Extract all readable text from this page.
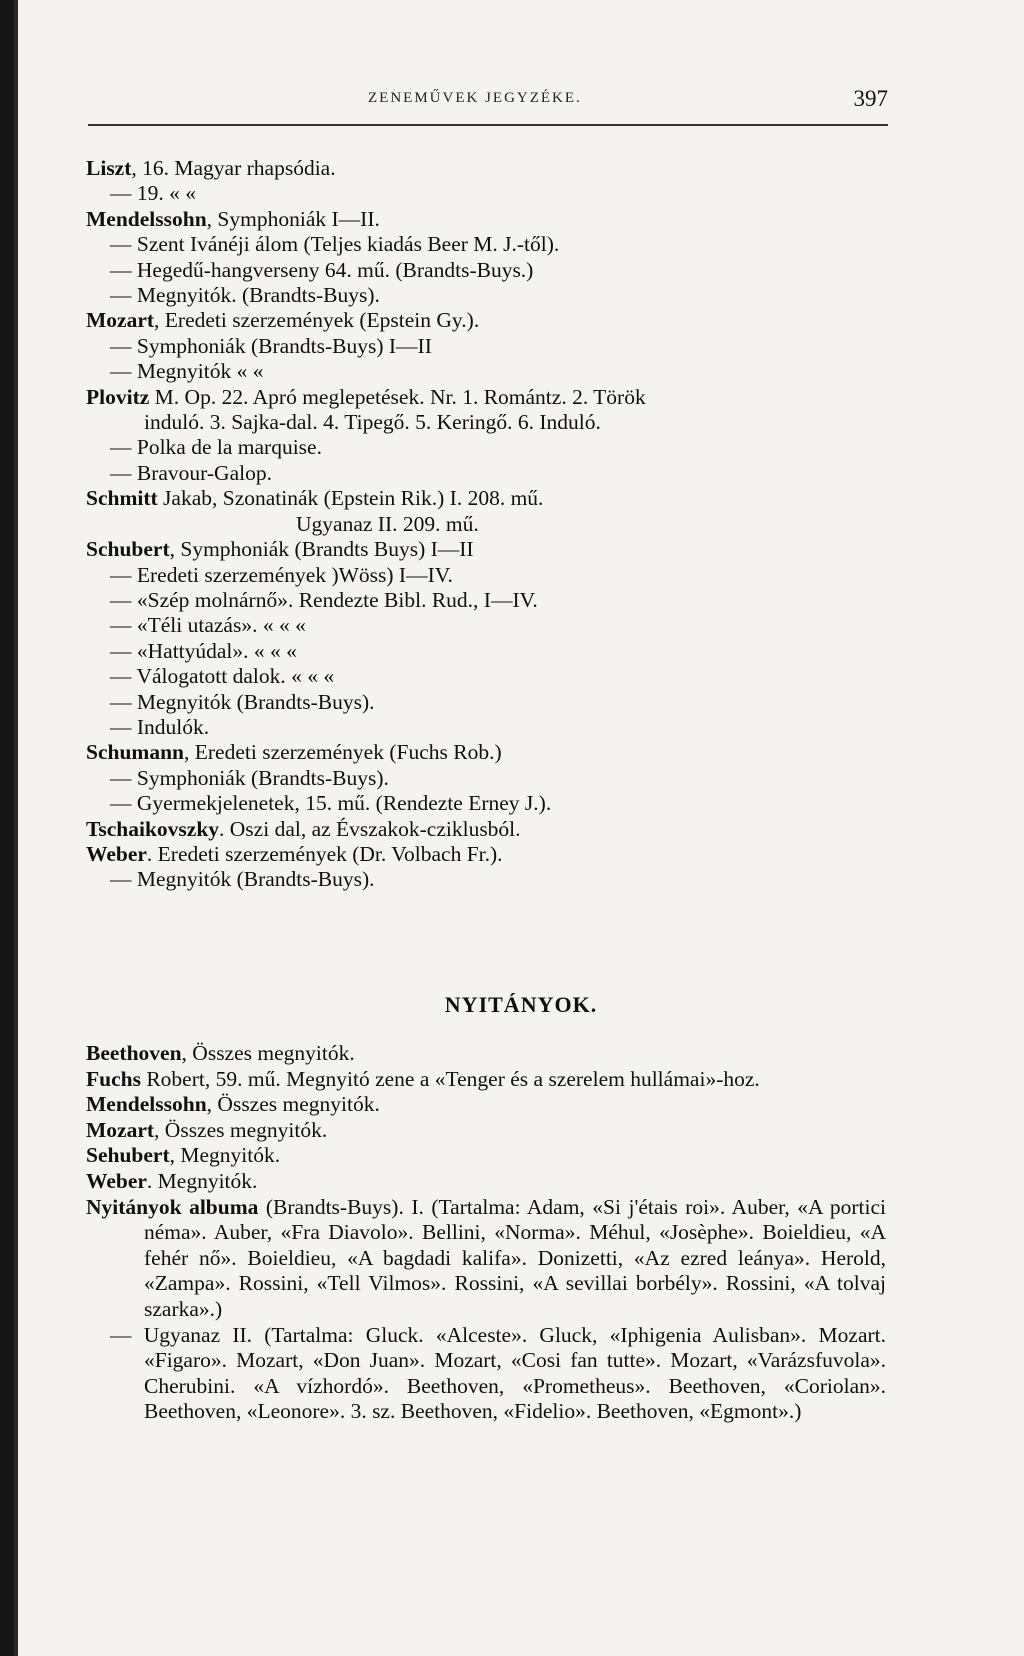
ZENEMŰVEK JEGYZÉKE.	397
Liszt, 16. Magyar rhapsódia.
— 19. « «
Mendelssohn, Symphoniák I—II.
— Szent Ivánéji álom (Teljes kiadás Beer M. J.-től).
— Hegedű-hangverseny 64. mű. (Brandts-Buys.)
— Megnyitók. (Brandts-Buys).
Mozart, Eredeti szerzemények (Epstein Gy.).
— Symphoniák (Brandts-Buys) I—II
— Megnyitók « «
Plovitz M. Op. 22. Apró meglepetések. Nr. 1. Romántz. 2. Török
induló. 3. Sajka-dal. 4. Tipegő. 5. Keringő. 6. Induló.
— Polka de la marquise.
— Bravour-Galop.
Schmitt Jakab, Szonatinák (Epstein Rik.) I. 208. mű.
Ugyanaz II. 209. mű.
Schubert, Symphoniák (Brandts Buys) I—II
— Eredeti szerzemények )Wöss) I—IV.
— «Szép molnárnő». Rendezte Bibl. Rud., I—IV.
— «Téli utazás». « « «
— «Hattyúdal». « « «
— Válogatott dalok. « « «
— Megnyitók (Brandts-Buys).
— Indulók.
Schumann, Eredeti szerzemények (Fuchs Rob.)
— Symphoniák (Brandts-Buys).
— Gyermekjelenetek, 15. mű. (Rendezte Erney J.).
Tschaikovszky. Oszi dal, az Évszakok-cziklusból.
Weber. Eredeti szerzemények (Dr. Volbach Fr.).
— Megnyitók (Brandts-Buys).
NYITÁNYOK.
Beethoven, Összes megnyitók.
Fuchs Robert, 59. mű. Megnyitó zene a «Tenger és a szerelem hullámai»-hoz.
Mendelssohn, Összes megnyitók.
Mozart, Összes megnyitók.
Sehubert, Megnyitók.
Weber. Megnyitók.
Nyitányok albuma (Brandts-Buys). I. (Tartalma: Adam, «Si j'étais roi». Auber, «A portici néma». Auber, «Fra Diavolo». Bellini, «Norma». Méhul, «Josèphe». Boieldieu, «A fehér nő». Boieldieu, «A bagdadi kalifa». Donizetti, «Az ezred leánya». Herold, «Zampa». Rossini, «Tell Vilmos». Rossini, «A sevillai borbély». Rossini, «A tolvaj szarka».)
— Ugyanaz II. (Tartalma: Gluck. «Alceste». Gluck, «Iphigenia Aulisban». Mozart. «Figaro». Mozart, «Don Juan». Mozart, «Cosi fan tutte». Mozart, «Varázsfuvola». Cherubini. «A vízhordó». Beethoven, «Prometheus». Beethoven, «Coriolan». Beethoven, «Leonore». 3. sz. Beethoven, «Fidelio». Beethoven, «Egmont».)
